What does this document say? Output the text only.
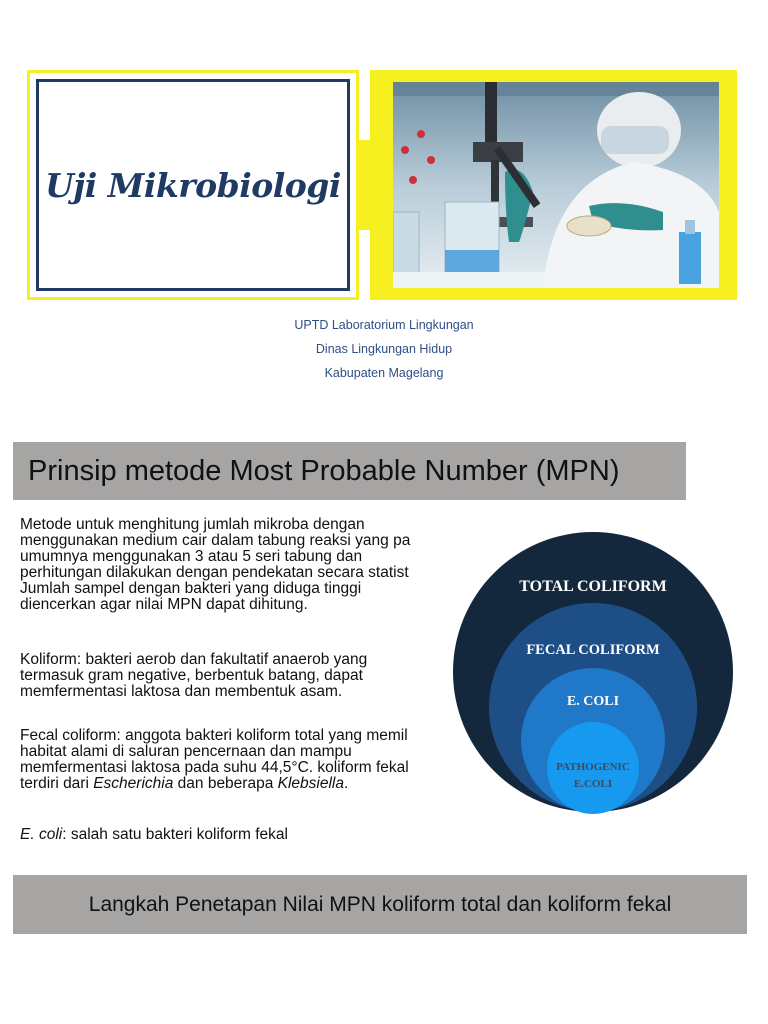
Uji Mikrobiologi
UPTD Laboratorium Lingkungan
Dinas Lingkungan Hidup
Kabupaten Magelang
Prinsip metode Most Probable Number (MPN)
Metode untuk menghitung jumlah mikroba dengan
menggunakan medium cair dalam tabung reaksi yang pa
umumnya menggunakan 3 atau 5 seri tabung dan
perhitungan dilakukan dengan pendekatan secara statist
Jumlah sampel dengan bakteri yang diduga tinggi
diencerkan agar nilai MPN dapat dihitung.
Koliform: bakteri aerob dan fakultatif anaerob yang
termasuk gram negative, berbentuk batang, dapat
memfermentasi laktosa dan membentuk asam.
Fecal coliform: anggota bakteri koliform total yang memil
habitat alami di saluran pencernaan dan mampu
memfermentasi laktosa pada suhu 44,5°C. koliform fekal
terdiri dari Escherichia dan beberapa Klebsiella.
E. coli: salah satu bakteri koliform fekal
TOTAL COLIFORM
FECAL COLIFORM
E. COLI
PATHOGENIC
E.COLI
Langkah Penetapan Nilai MPN koliform total dan koliform fekal
